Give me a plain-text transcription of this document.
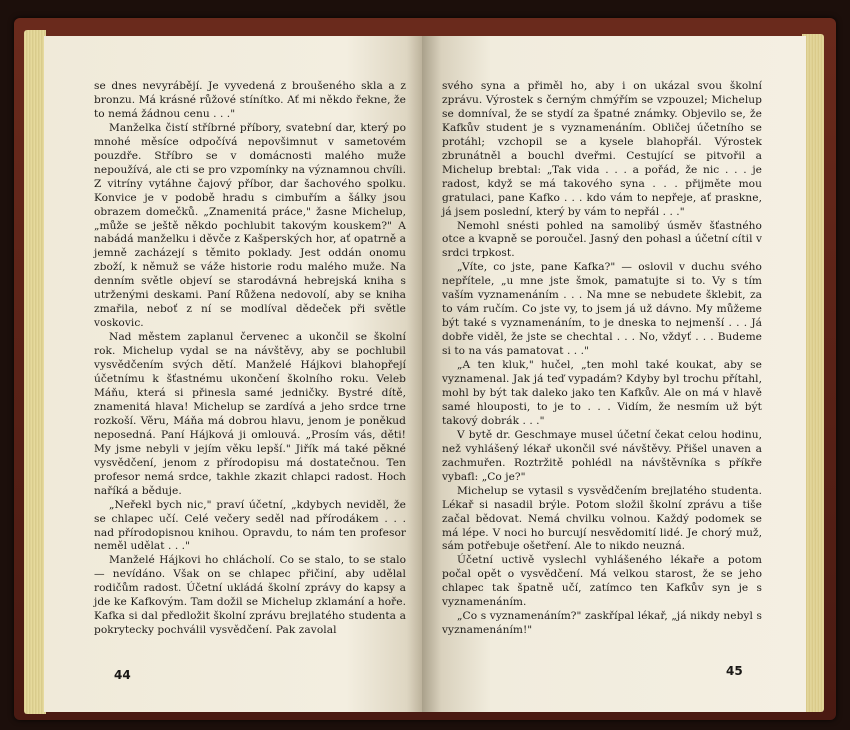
se dnes nevyrábějí. Je vyvedená z broušeného skla a z bronzu. Má krásné růžové stínítko. Ať mi někdo řekne, že to nemá žádnou cenu . . ."

Manželka čistí stříbrné příbory, svatební dar, který po mnohé měsíce odpočívá nepovšimnut v sametovém pouzdře. Stříbro se v domácnosti malého muže nepoužívá, ale cti se pro vzpomínky na významnou chvíli. Z vitríny vytáhne čajový příbor, dar šachového spolku. Konvice je v podobě hradu s cimbuřím a šálky jsou obrazem domečků. „Znamenitá práce," žasne Michelup, „může se ještě někdo pochlubit takovým kouskem?" A nabádá manželku i děvče z Kašperských hor, ať opatrně a jemně zacházejí s těmito poklady. Jest oddán onomu zboží, k němuž se váže historie rodu malého muže. Na denním světle objeví se starodávná hebrejská kniha s utrženými deskami. Paní Růžena nedovolí, aby se kniha zmařila, neboť z ní se modlíval dědeček při světle voskovic.

Nad městem zaplanul červenec a ukončil se školní rok. Michelup vydal se na návštěvy, aby se pochlubil vysvědčením svých dětí. Manželé Hájkovi blahopřejí účetnímu k šťastnému ukončení školního roku. Veleb Máňu, která si přinesla samé jedničky. Bystré dítě, znamenitá hlava! Michelup se zardívá a jeho srdce trne rozkoší. Věru, Máňa má dobrou hlavu, jenom je poněkud neposedná. Paní Hájková ji omlouvá. „Prosím vás, děti! My jsme nebyli v jejím věku lepší." Jiřík má také pěkné vysvědčení, jenom z přírodopisu má dostatečnou. Ten profesor nemá srdce, takhle zkazit chlapci radost. Hoch naříká a běduje.

„Neřekl bych nic," praví účetní, „kdybych neviděl, že se chlapec učí. Celé večery seděl nad přírodákem . . . nad přírodopisnou knihou. Opravdu, to nám ten profesor neměl udělat . . ."

Manželé Hájkovi ho chlácholí. Co se stalo, to se stalo — nevídáno. Však on se chlapec přičiní, aby udělal rodičům radost. Účetní ukládá školní zprávy do kapsy a jde ke Kafkovým. Tam dožil se Michelup zklamání a hoře. Kafka si dal předložit školní zprávu brejlatého studenta a pokrytecky pochválil vysvědčení. Pak zavolal

44

svého syna a přiměl ho, aby i on ukázal svou školní zprávu. Výrostek s černým chmýřím se vzpouzel; Michelup se domníval, že se stydí za špatné známky. Objevilo se, že Kafkův student je s vyznamenáním. Obličej účetního se protáhl; vzchopil se a kysele blahopřál. Výrostek zbrunátněl a bouchl dveřmi. Cestující se pitvořil a Michelup brebtal: „Tak vida . . . a pořád, že nic . . . je radost, když se má takového syna . . . přijměte mou gratulaci, pane Kafko . . . kdo vám to nepřeje, ať praskne, já jsem poslední, který by vám to nepřál . . ."

Nemohl snésti pohled na samolibý úsměv šťastného otce a kvapně se poroučel. Jasný den pohasl a účetní cítil v srdci trpkost.

„Víte, co jste, pane Kafka?" — oslovil v duchu svého nepřítele, „u mne jste šmok, pamatujte si to. Vy s tím vaším vyznamenáním . . . Na mne se nebudete šklebit, za to vám ručím. Co jste vy, to jsem já už dávno. My můžeme být také s vyznamenáním, to je dneska to nejmenší . . . Já dobře viděl, že jste se chechtal . . . No, vždyť . . . Budeme si to na vás pamatovat . . ."

„A ten kluk," hučel, „ten mohl také koukat, aby se vyznamenal. Jak já teď vypadám? Kdyby byl trochu přítahl, mohl by být tak daleko jako ten Kafkův. Ale on má v hlavě samé hlouposti, to je to . . . Vidím, že nesmím už být takový dobrák . . ."

V bytě dr. Geschmaye musel účetní čekat celou hodinu, než vyhlášený lékař ukončil své návštěvy. Přišel unaven a zachmuřen. Roztržitě pohlédl na návštěvníka s příkře vybafl: „Co je?"

Michelup se vytasil s vysvědčením brejlatého studenta. Lékař si nasadil brýle. Potom složil školní zprávu a tiše začal bědovat. Nemá chvilku volnou. Každý podomek se má lépe. V noci ho burcují nesvědomití lidé. Je chorý muž, sám potřebuje ošetření. Ale to nikdo neuzná.

Účetní uctivě vyslechl vyhlášeného lékaře a potom počal opět o vysvědčení. Má velkou starost, že se jeho chlapec tak špatně učí, zatímco ten Kafkův syn je s vyznamenáním.

„Co s vyznamenáním?" zaskřípal lékař, „já nikdy nebyl s vyznamenáním!"

45
